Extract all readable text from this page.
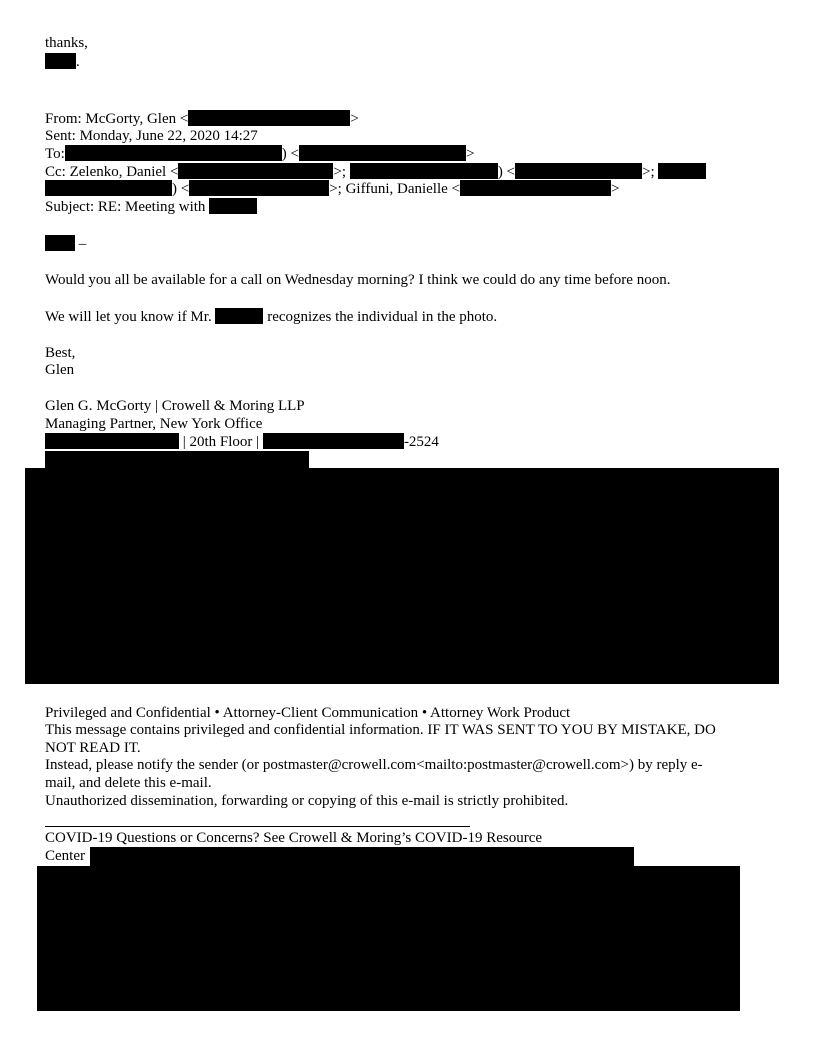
thanks,
.
From: McGorty, Glen <	>
Sent: Monday, June 22, 2020 14:27
To:	) <	>
Cc: Zelenko, Daniel <	>;	) <	>;
) <	>; Giffuni, Danielle <	>
Subject: RE: Meeting with
–
Would you all be available for a call on Wednesday morning? I think we could do any time before noon.
We will let you know if Mr.	recognizes the individual in the photo.
Best,
Glen
Glen G. McGorty | Crowell & Moring LLP
Managing Partner, New York Office
| 20th Floor |	-2524
Privileged and Confidential • Attorney-Client Communication • Attorney Work Product
This message contains privileged and confidential information. IF IT WAS SENT TO YOU BY MISTAKE, DO
NOT READ IT.
Instead, please notify the sender (or postmaster@crowell.com<mailto:postmaster@crowell.com>) by reply e-
mail, and delete this e-mail.
Unauthorized dissemination, forwarding or copying of this e-mail is strictly prohibited.
COVID-19 Questions or Concerns? See Crowell & Moring’s COVID-19 Resource
Center
